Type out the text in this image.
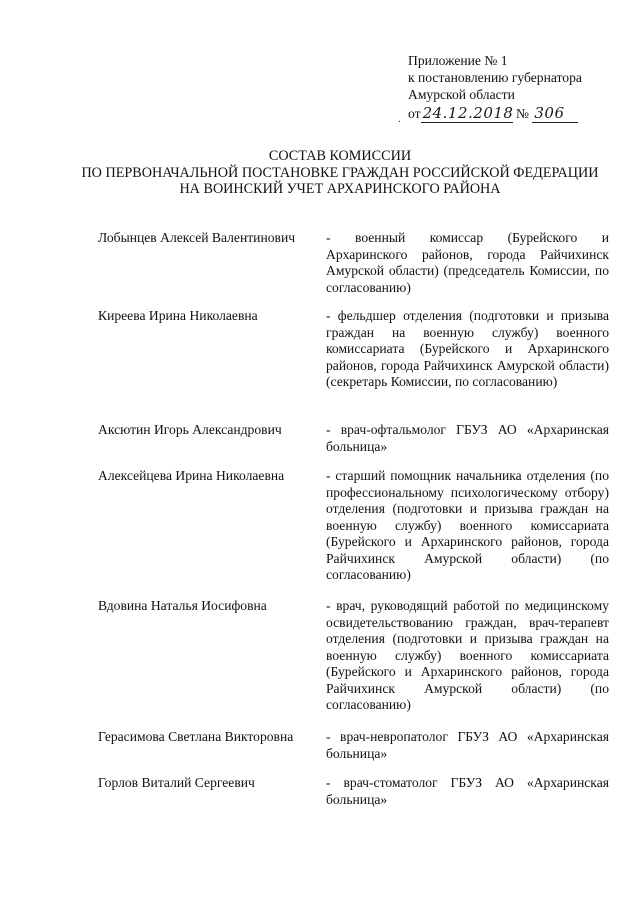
Приложение № 1
к постановлению губернатора
Амурской области
. от 24.12.2018 № 306
СОСТАВ КОМИССИИ
ПО ПЕРВОНАЧАЛЬНОЙ ПОСТАНОВКЕ ГРАЖДАН РОССИЙСКОЙ ФЕДЕРАЦИИ
НА ВОИНСКИЙ УЧЕТ АРХАРИНСКОГО РАЙОНА
Лобынцев Алексей Валентинович	- военный комиссар (Бурейского и Архаринского районов, города Райчихинск Амурской области) (председатель Комиссии, по согласованию)
Киреева Ирина Николаевна	- фельдшер отделения (подготовки и призыва граждан на военную службу) военного комиссариата (Бурейского и Архаринского районов, города Райчихинск Амурской области) (секретарь Комиссии, по согласованию)
Аксютин Игорь Александрович	- врач-офтальмолог ГБУЗ АО «Архаринская больница»
Алексейцева Ирина Николаевна	- старший помощник начальника отделения (по профессиональному психологическому отбору) отделения (подготовки и призыва граждан на военную службу) военного комиссариата (Бурейского и Архаринского районов, города Райчихинск Амурской области) (по согласованию)
Вдовина Наталья Иосифовна	- врач, руководящий работой по медицинскому освидетельствованию граждан, врач-терапевт отделения (подготовки и призыва граждан на военную службу) военного комиссариата (Бурейского и Архаринского районов, города Райчихинск Амурской области) (по согласованию)
Герасимова Светлана Викторовна	- врач-невропатолог ГБУЗ АО «Архаринская больница»
Горлов Виталий Сергеевич	- врач-стоматолог ГБУЗ АО «Архаринская больница»
